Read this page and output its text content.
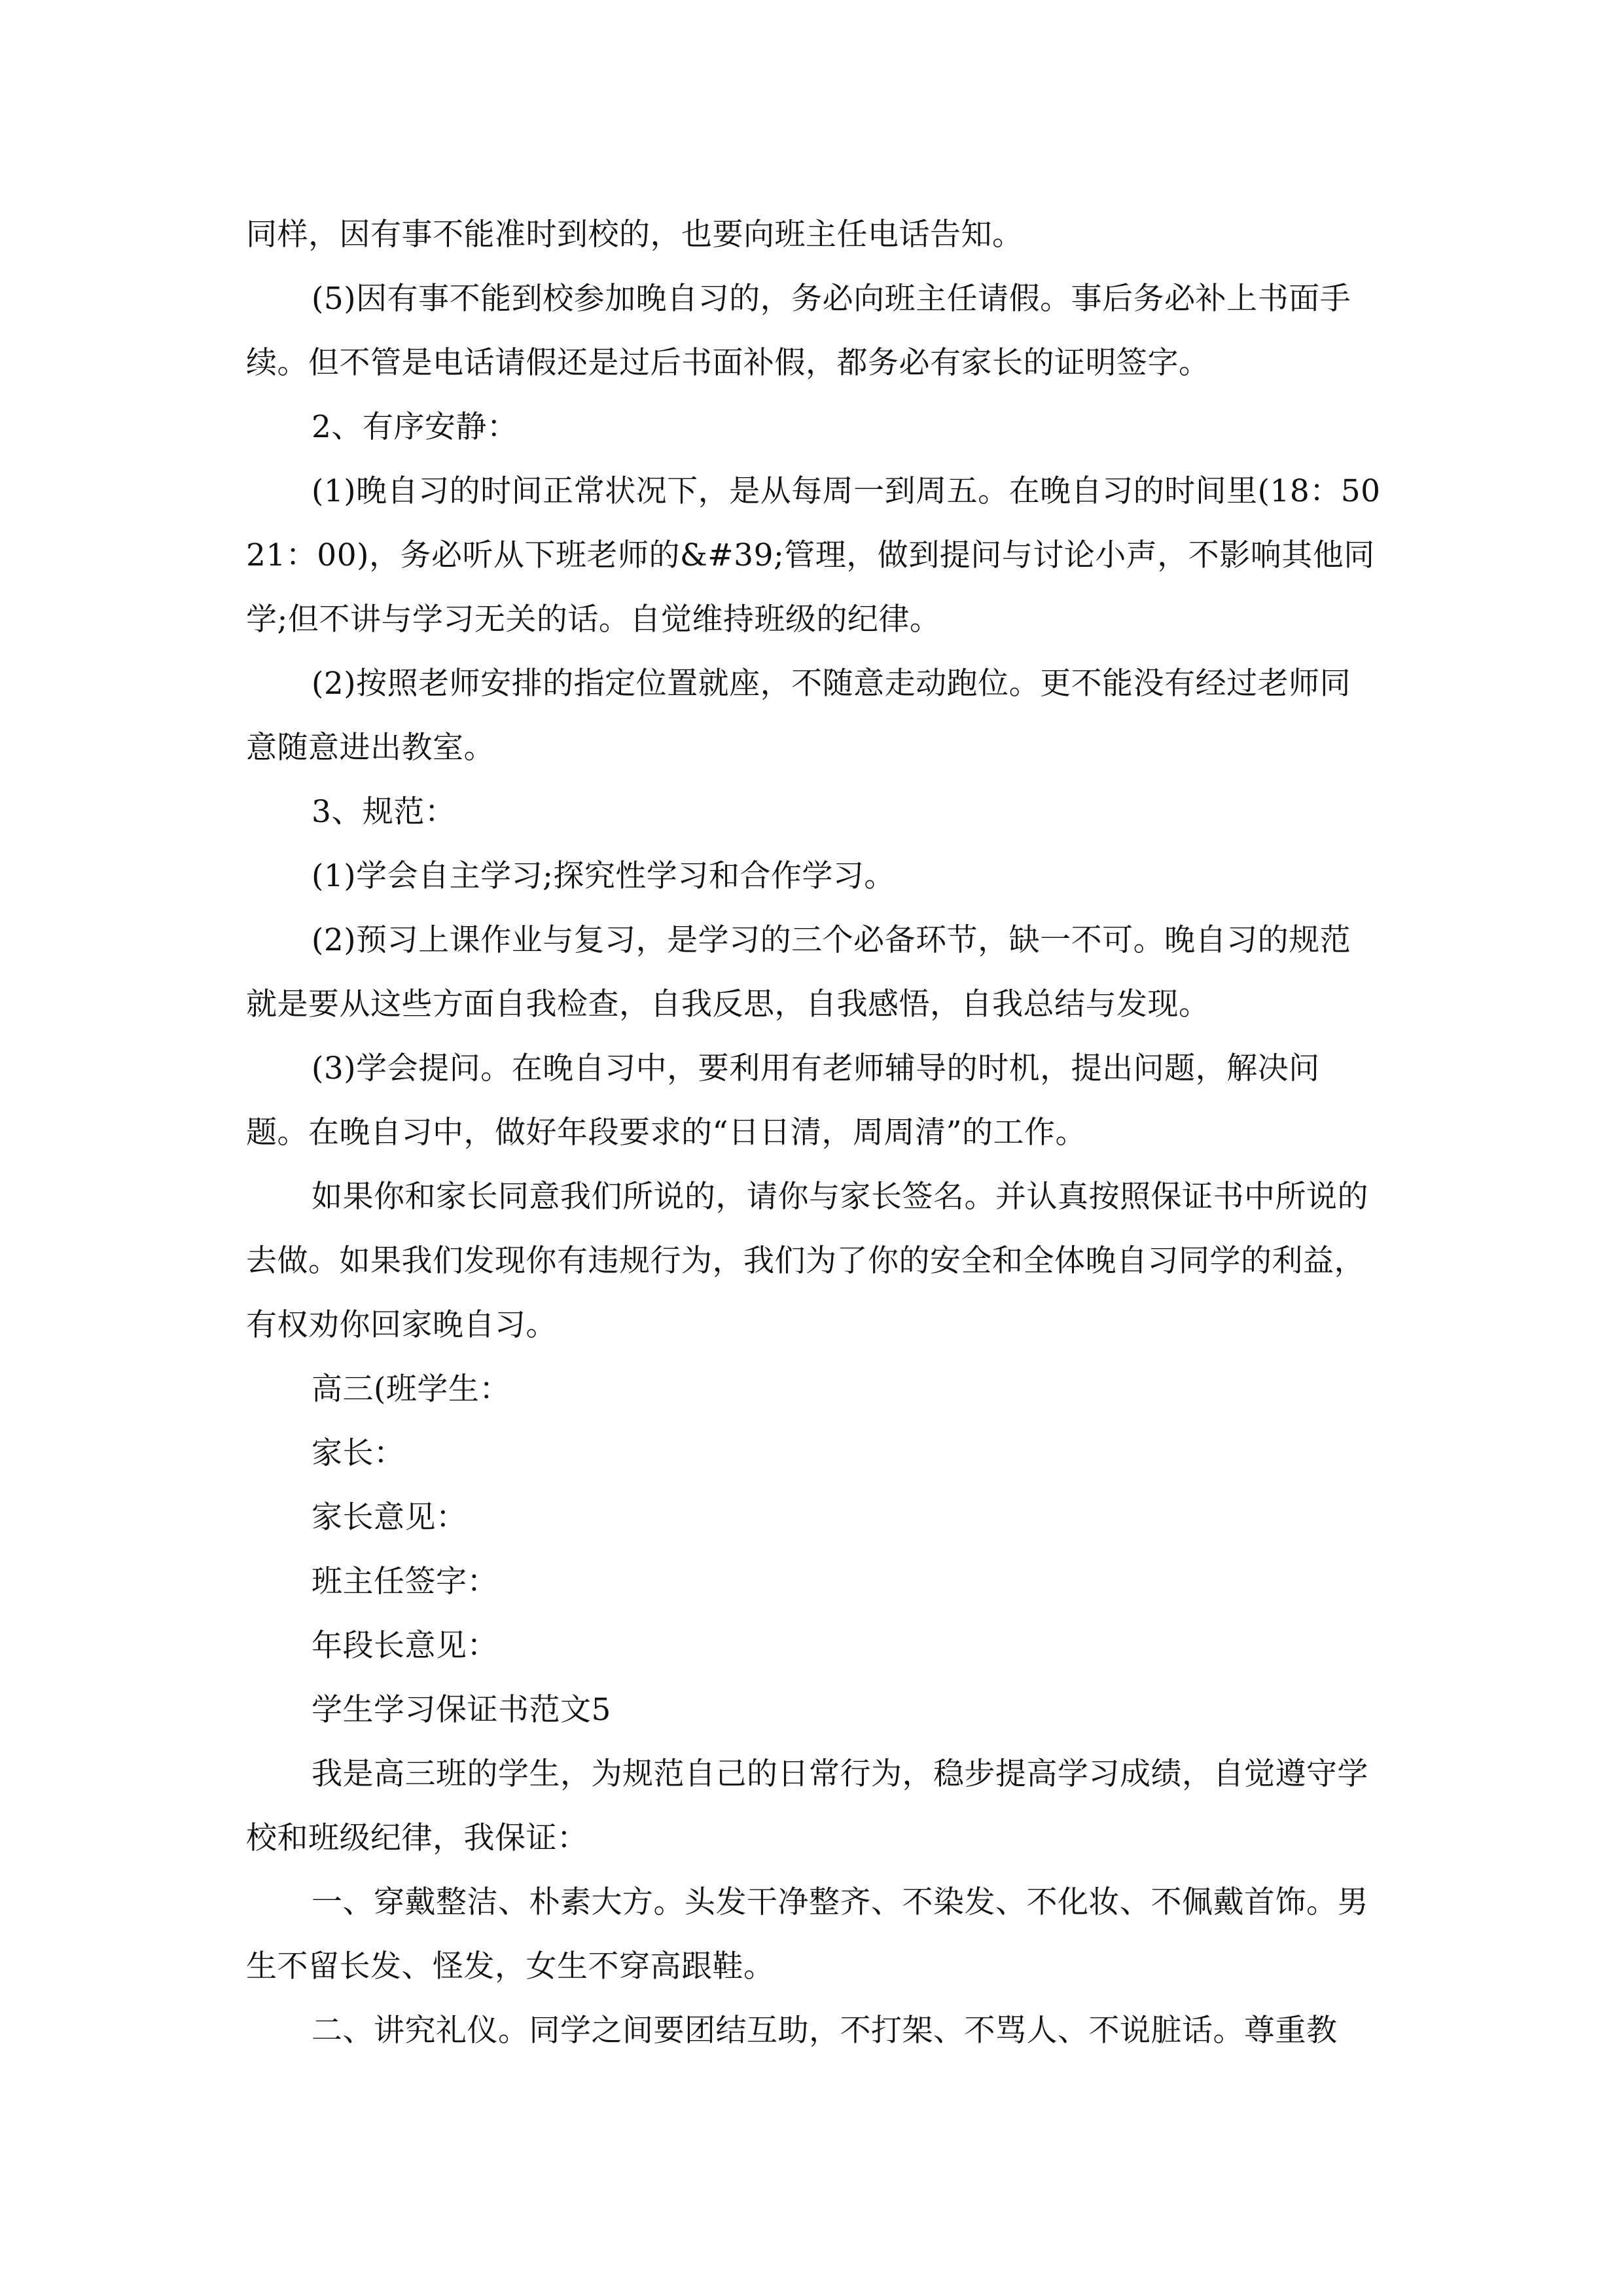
同样，因有事不能准时到校的，也要向班主任电话告知。

(5)因有事不能到校参加晚自习的，务必向班主任请假。事后务必补上书面手续。但不管是电话请假还是过后书面补假，都务必有家长的证明签字。

2、有序安静：

(1)晚自习的时间正常状况下，是从每周一到周五。在晚自习的时间里(18：5021：00)，务必听从下班老师的&#39;管理，做到提问与讨论小声，不影响其他同学;但不讲与学习无关的话。自觉维持班级的纪律。

(2)按照老师安排的指定位置就座，不随意走动跑位。更不能没有经过老师同意随意进出教室。

3、规范：

(1)学会自主学习;探究性学习和合作学习。

(2)预习上课作业与复习，是学习的三个必备环节，缺一不可。晚自习的规范就是要从这些方面自我检查，自我反思，自我感悟，自我总结与发现。

(3)学会提问。在晚自习中，要利用有老师辅导的时机，提出问题，解决问题。在晚自习中，做好年段要求的“日日清，周周清”的工作。

如果你和家长同意我们所说的，请你与家长签名。并认真按照保证书中所说的去做。如果我们发现你有违规行为，我们为了你的安全和全体晚自习同学的利益，有权劝你回家晚自习。

高三(班学生：

家长：

家长意见：

班主任签字：

年段长意见：

学生学习保证书范文5

我是高三班的学生，为规范自己的日常行为，稳步提高学习成绩，自觉遵守学校和班级纪律，我保证：

一、穿戴整洁、朴素大方。头发干净整齐、不染发、不化妆、不佩戴首饰。男生不留长发、怪发，女生不穿高跟鞋。

二、讲究礼仪。同学之间要团结互助，不打架、不骂人、不说脏话。尊重教
